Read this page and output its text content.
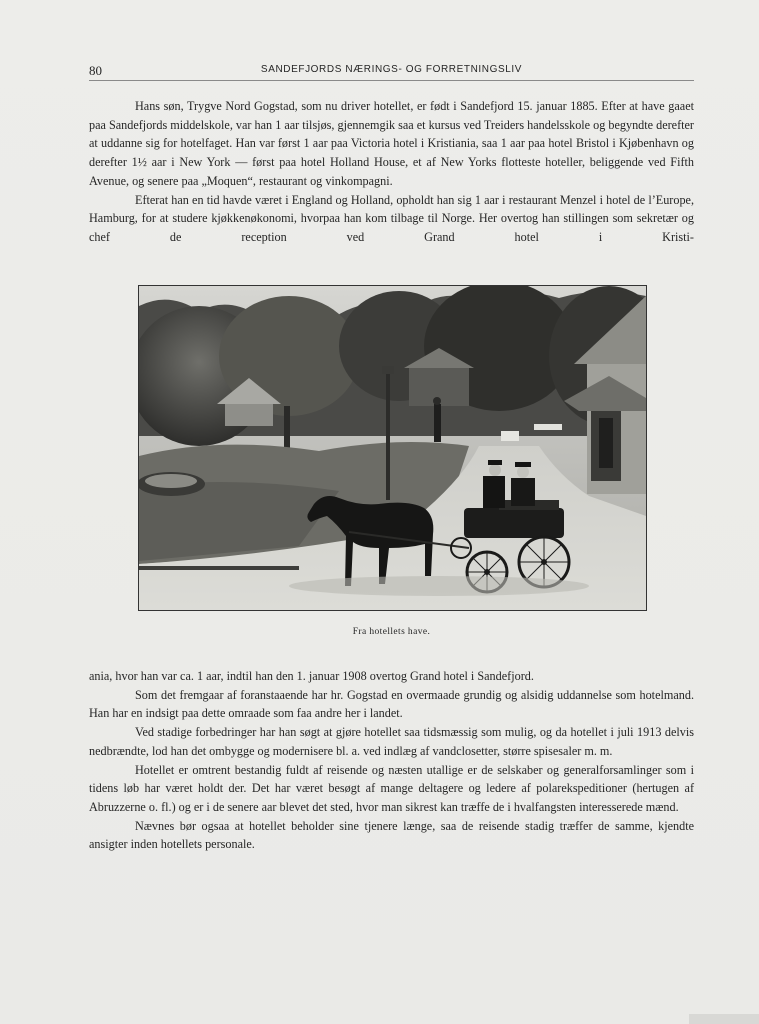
80	SANDEFJORDS NÆRINGS- OG FORRETNINGSLIV

Hans søn, Trygve Nord Gogstad, som nu driver hotellet, er født i Sandefjord 15. januar 1885. Efter at have gaaet paa Sandefjords middelskole, var han 1 aar tilsjøs, gjennemgik saa et kursus ved Treiders handelsskole og begyndte derefter at uddanne sig for hotelfaget. Han var først 1 aar paa Victoria hotel i Kristiania, saa 1 aar paa hotel Bristol i Kjøbenhavn og derefter 1½ aar i New York — først paa hotel Holland House, et af New Yorks flotteste hoteller, beliggende ved Fifth Avenue, og senere paa „Moquen“, restaurant og vinkompagni.

Efterat han en tid havde været i England og Holland, opholdt han sig 1 aar i restaurant Menzel i hotel de l’Europe, Hamburg, for at studere kjøkkenøkonomi, hvorpaa han kom tilbage til Norge. Her overtog han stillingen som sekretær og chef de reception ved Grand hotel i Kristi-

Fra hotellets have.

ania, hvor han var ca. 1 aar, indtil han den 1. januar 1908 overtog Grand hotel i Sandefjord.

Som det fremgaar af foranstaaende har hr. Gogstad en overmaade grundig og alsidig uddannelse som hotelmand. Han har en indsigt paa dette omraade som faa andre her i landet.

Ved stadige forbedringer har han søgt at gjøre hotellet saa tidsmæssig som mulig, og da hotellet i juli 1913 delvis nedbrændte, lod han det ombygge og modernisere bl. a. ved indlæg af vandclosetter, større spisesaler m. m.

Hotellet er omtrent bestandig fuldt af reisende og næsten utallige er de selskaber og generalforsamlinger som i tidens løb har været holdt der. Det har været besøgt af mange deltagere og ledere af polarekspeditioner (hertugen af Abruzzerne o. fl.) og er i de senere aar blevet det sted, hvor man sikrest kan træffe de i hvalfangsten interesserede mænd.

Nævnes bør ogsaa at hotellet beholder sine tjenere længe, saa de reisende stadig træffer de samme, kjendte ansigter inden hotellets personale.
